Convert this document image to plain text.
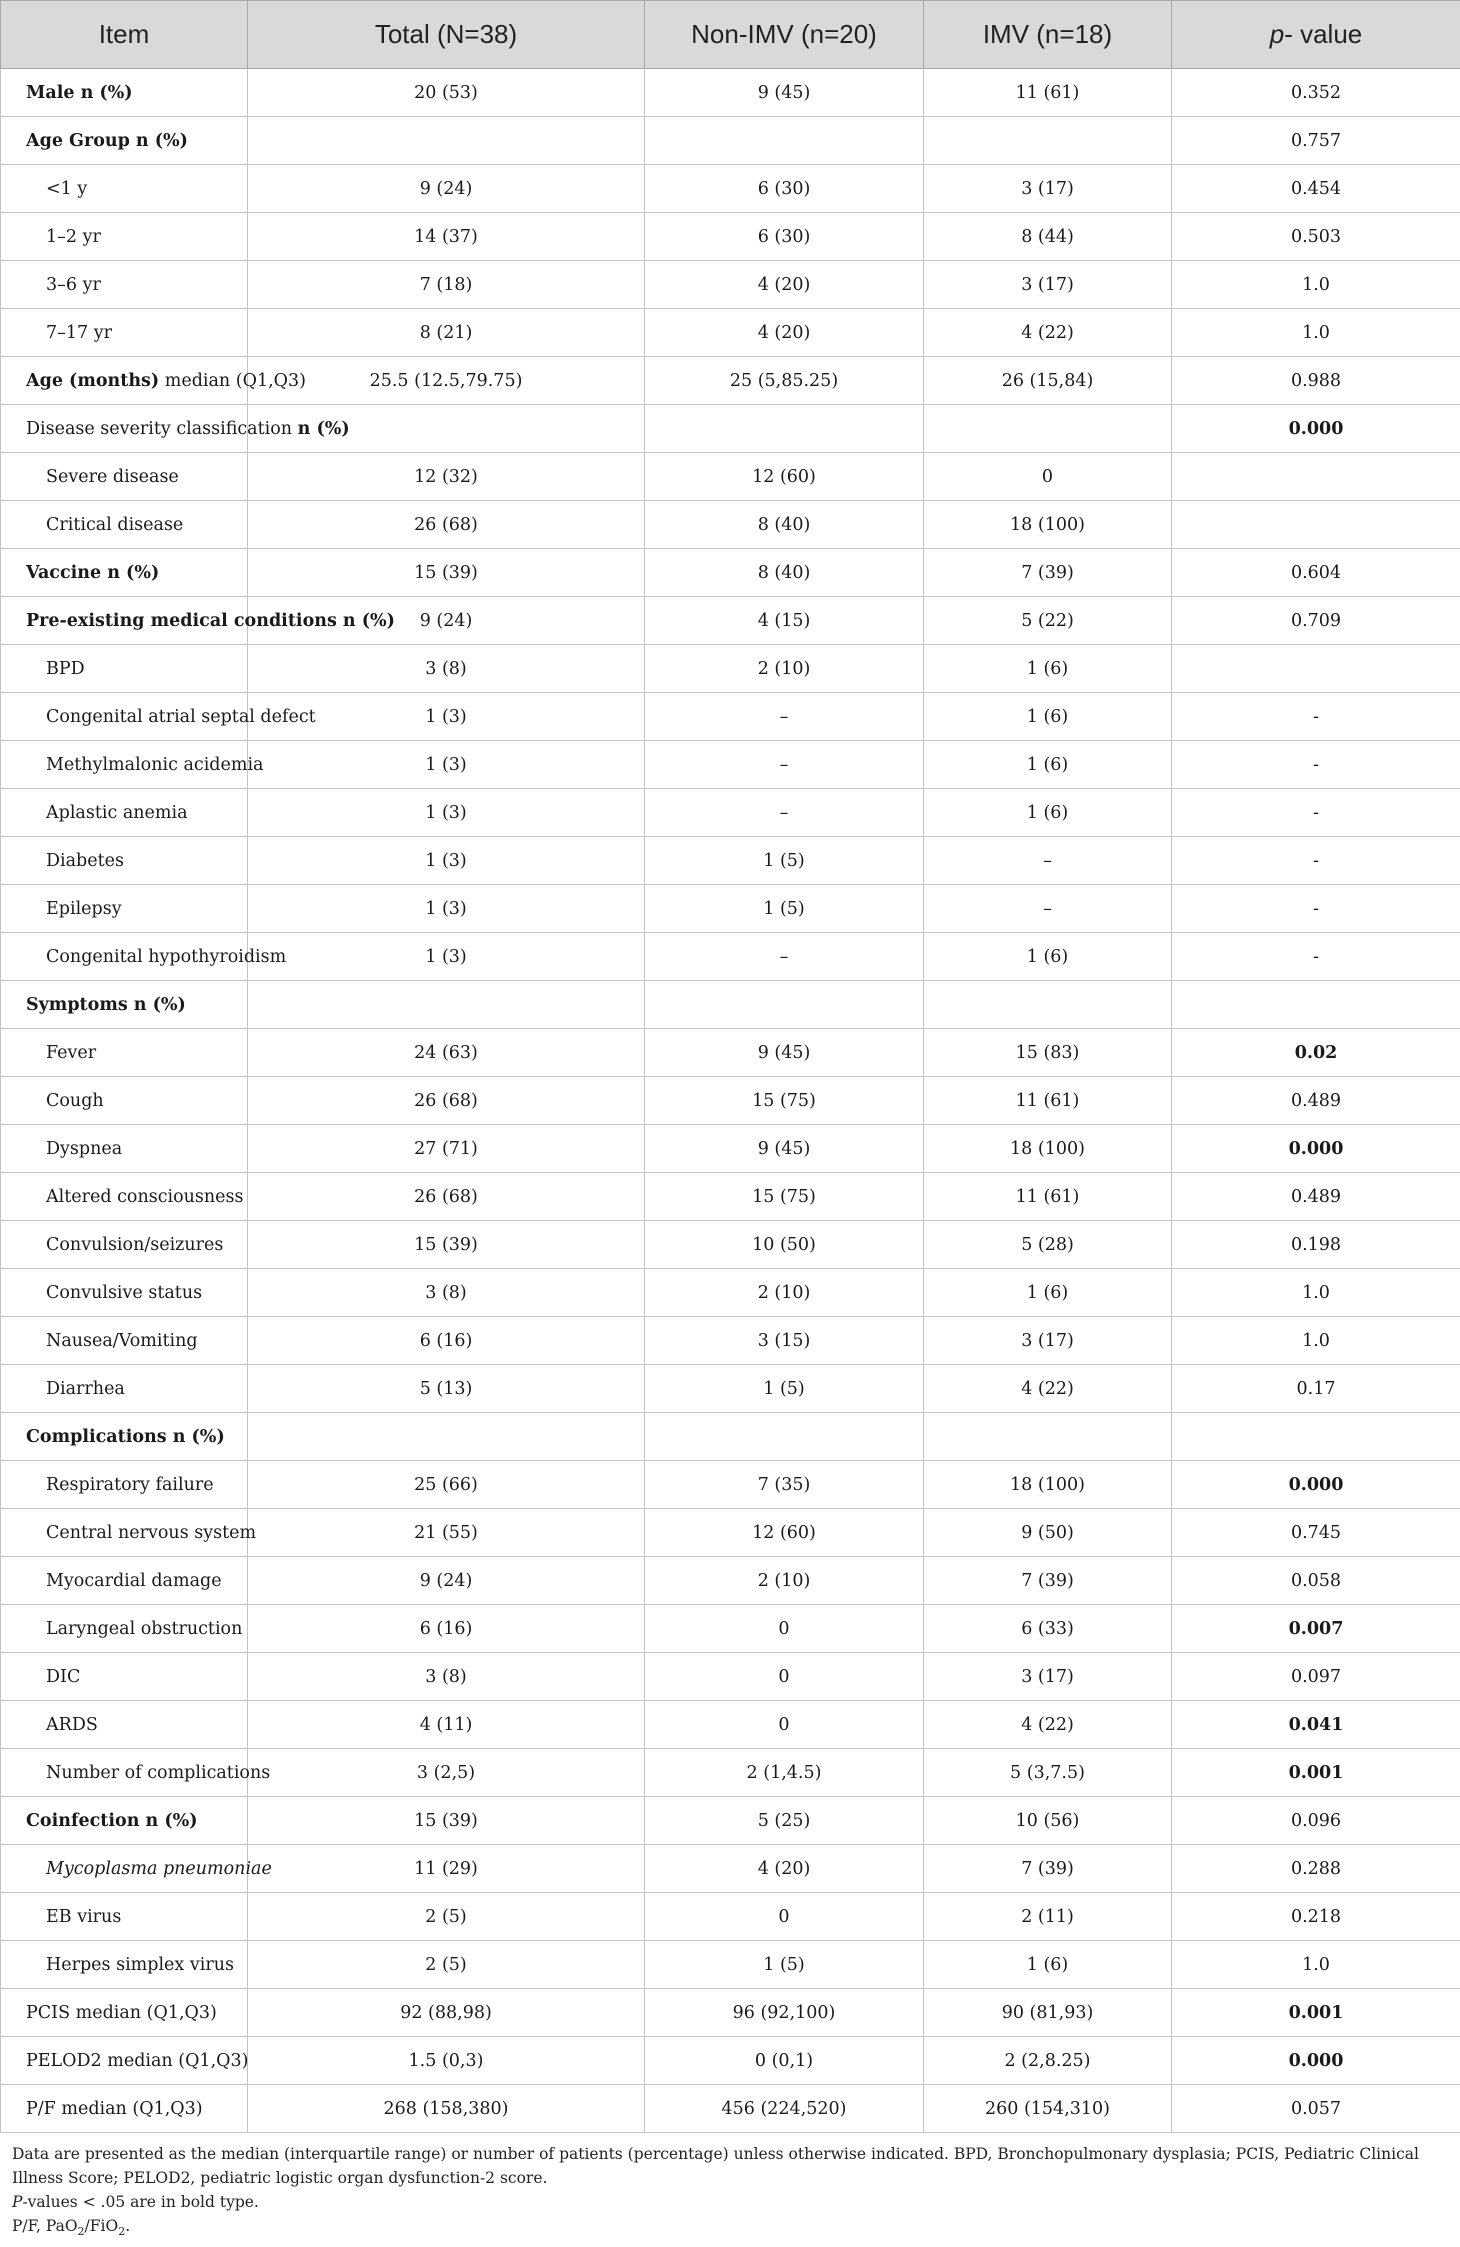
Item	Total (N=38)	Non-IMV (n=20)	IMV (n=18)	p- value
Male n (%)	20 (53)	9 (45)	11 (61)	0.352
Age Group n (%)				0.757
<1 y	9 (24)	6 (30)	3 (17)	0.454
1–2 yr	14 (37)	6 (30)	8 (44)	0.503
3–6 yr	7 (18)	4 (20)	3 (17)	1.0
7–17 yr	8 (21)	4 (20)	4 (22)	1.0
Age (months) median (Q1,Q3)	25.5 (12.5,79.75)	25 (5,85.25)	26 (15,84)	0.988
Disease severity classification n (%)				0.000
Severe disease	12 (32)	12 (60)	0	
Critical disease	26 (68)	8 (40)	18 (100)	
Vaccine n (%)	15 (39)	8 (40)	7 (39)	0.604
Pre-existing medical conditions n (%)	9 (24)	4 (15)	5 (22)	0.709
BPD	3 (8)	2 (10)	1 (6)	
Congenital atrial septal defect	1 (3)	–	1 (6)	-
Methylmalonic acidemia	1 (3)	–	1 (6)	-
Aplastic anemia	1 (3)	–	1 (6)	-
Diabetes	1 (3)	1 (5)	–	-
Epilepsy	1 (3)	1 (5)	–	-
Congenital hypothyroidism	1 (3)	–	1 (6)	-
Symptoms n (%)				
Fever	24 (63)	9 (45)	15 (83)	0.02
Cough	26 (68)	15 (75)	11 (61)	0.489
Dyspnea	27 (71)	9 (45)	18 (100)	0.000
Altered consciousness	26 (68)	15 (75)	11 (61)	0.489
Convulsion/seizures	15 (39)	10 (50)	5 (28)	0.198
Convulsive status	3 (8)	2 (10)	1 (6)	1.0
Nausea/Vomiting	6 (16)	3 (15)	3 (17)	1.0
Diarrhea	5 (13)	1 (5)	4 (22)	0.17
Complications n (%)				
Respiratory failure	25 (66)	7 (35)	18 (100)	0.000
Central nervous system	21 (55)	12 (60)	9 (50)	0.745
Myocardial damage	9 (24)	2 (10)	7 (39)	0.058
Laryngeal obstruction	6 (16)	0	6 (33)	0.007
DIC	3 (8)	0	3 (17)	0.097
ARDS	4 (11)	0	4 (22)	0.041
Number of complications	3 (2,5)	2 (1,4.5)	5 (3,7.5)	0.001
Coinfection n (%)	15 (39)	5 (25)	10 (56)	0.096
Mycoplasma pneumoniae	11 (29)	4 (20)	7 (39)	0.288
EB virus	2 (5)	0	2 (11)	0.218
Herpes simplex virus	2 (5)	1 (5)	1 (6)	1.0
PCIS median (Q1,Q3)	92 (88,98)	96 (92,100)	90 (81,93)	0.001
PELOD2 median (Q1,Q3)	1.5 (0,3)	0 (0,1)	2 (2,8.25)	0.000
P/F median (Q1,Q3)	268 (158,380)	456 (224,520)	260 (154,310)	0.057
Data are presented as the median (interquartile range) or number of patients (percentage) unless otherwise indicated. BPD, Bronchopulmonary dysplasia; PCIS, Pediatric Clinical Illness Score; PELOD2, pediatric logistic organ dysfunction-2 score.
P-values < .05 are in bold type.
P/F, PaO$_2$/FiO$_2$.
